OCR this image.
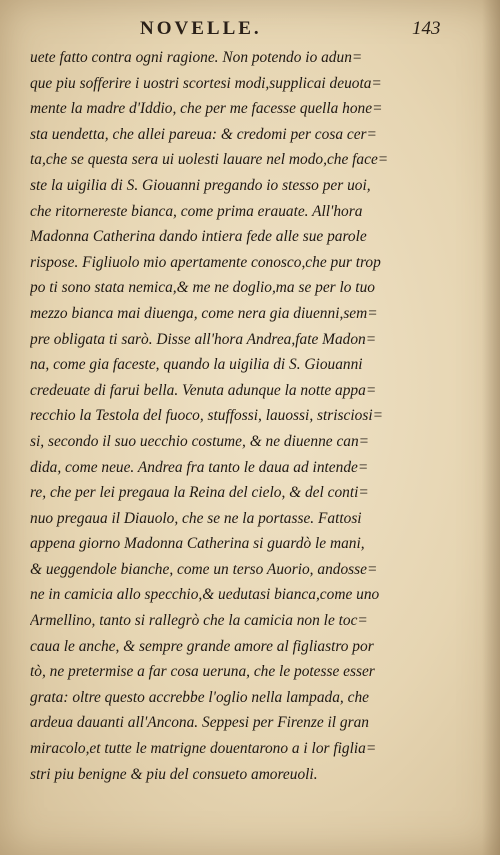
NOVELLE.	143
uete fatto contra ogni ragione. Non potendo io adun=
que piu sofferire i uostri scortesi modi,supplicai deuota=
mente la madre d'Iddio, che per me facesse quella hone=
sta uendetta, che allei pareua: & credomi per cosa cer=
ta,che se questa sera ui uolesti lauare nel modo,che face=
ste la uigilia di S. Giouanni pregando io stesso per uoi,
che ritornereste bianca, come prima erauate. All'hora
Madonna Catherina dando intiera fede alle sue parole
rispose. Figliuolo mio apertamente conosco,che pur trop
po ti sono stata nemica,& me ne doglio,ma se per lo tuo
mezzo bianca mai diuenga, come nera gia diuenni,sem=
pre obligata ti sarò. Disse all'hora Andrea,fate Madon=
na, come gia faceste, quando la uigilia di S. Giouanni
credeuate di farui bella. Venuta adunque la notte appa=
recchio la Testola del fuoco, stuffossi, lauossi, strisciosi=
si, secondo il suo uecchio costume, & ne diuenne can=
dida, come neue. Andrea fra tanto le daua ad intende=
re, che per lei pregaua la Reina del cielo, & del conti=
nuo pregaua il Diauolo, che se ne la portasse. Fattosi
appena giorno Madonna Catherina si guardò le mani,
& ueggendole bianche, come un terso Auorio, andosse=
ne in camicia allo specchio,& uedutasi bianca,come uno
Armellino, tanto si rallegrò che la camicia non le toc=
caua le anche, & sempre grande amore al figliastro por
tò, ne pretermise a far cosa ueruna, che le potesse esser
grata: oltre questo accrebbe l'oglio nella lampada, che
ardeua dauanti all'Ancona. Seppesi per Firenze il gran
miracolo,et tutte le matrigne douentarono a i lor figlia=
stri piu benigne & piu del consueto amoreuoli.
